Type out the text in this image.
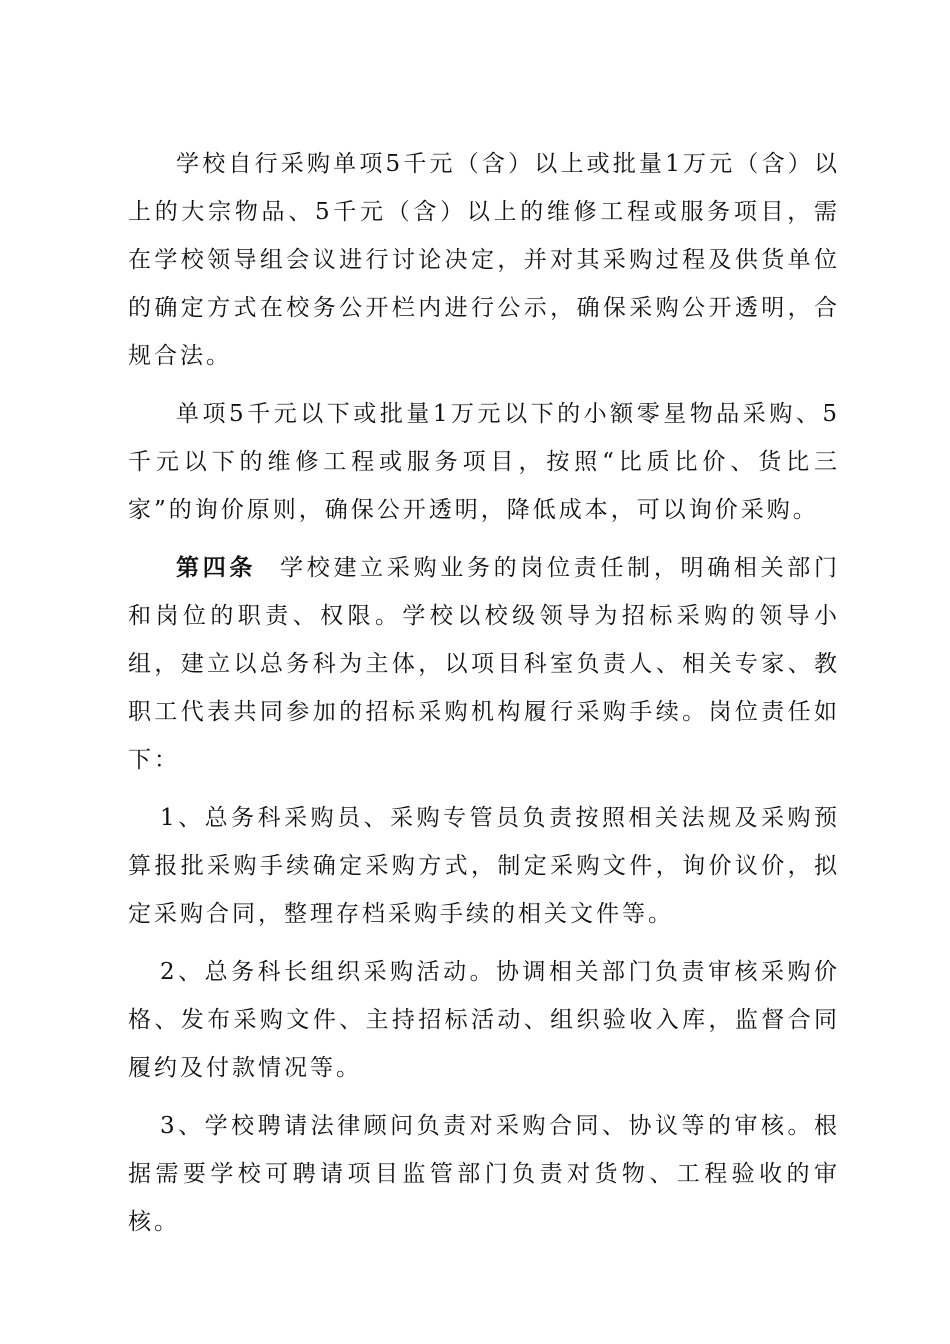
学校自行采购单项5千元（含）以上或批量1万元（含）以上的大宗物品、5千元（含）以上的维修工程或服务项目，需在学校领导组会议进行讨论决定，并对其采购过程及供货单位的确定方式在校务公开栏内进行公示，确保采购公开透明，合规合法。

单项5千元以下或批量1万元以下的小额零星物品采购、5千元以下的维修工程或服务项目，按照“比质比价、货比三家”的询价原则，确保公开透明，降低成本，可以询价采购。

第四条 学校建立采购业务的岗位责任制，明确相关部门和岗位的职责、权限。学校以校级领导为招标采购的领导小组，建立以总务科为主体，以项目科室负责人、相关专家、教职工代表共同参加的招标采购机构履行采购手续。岗位责任如下：

1、总务科采购员、采购专管员负责按照相关法规及采购预算报批采购手续确定采购方式，制定采购文件，询价议价，拟定采购合同，整理存档采购手续的相关文件等。

2、总务科长组织采购活动。协调相关部门负责审核采购价格、发布采购文件、主持招标活动、组织验收入库，监督合同履约及付款情况等。

3、学校聘请法律顾问负责对采购合同、协议等的审核。根据需要学校可聘请项目监管部门负责对货物、工程验收的审核。
